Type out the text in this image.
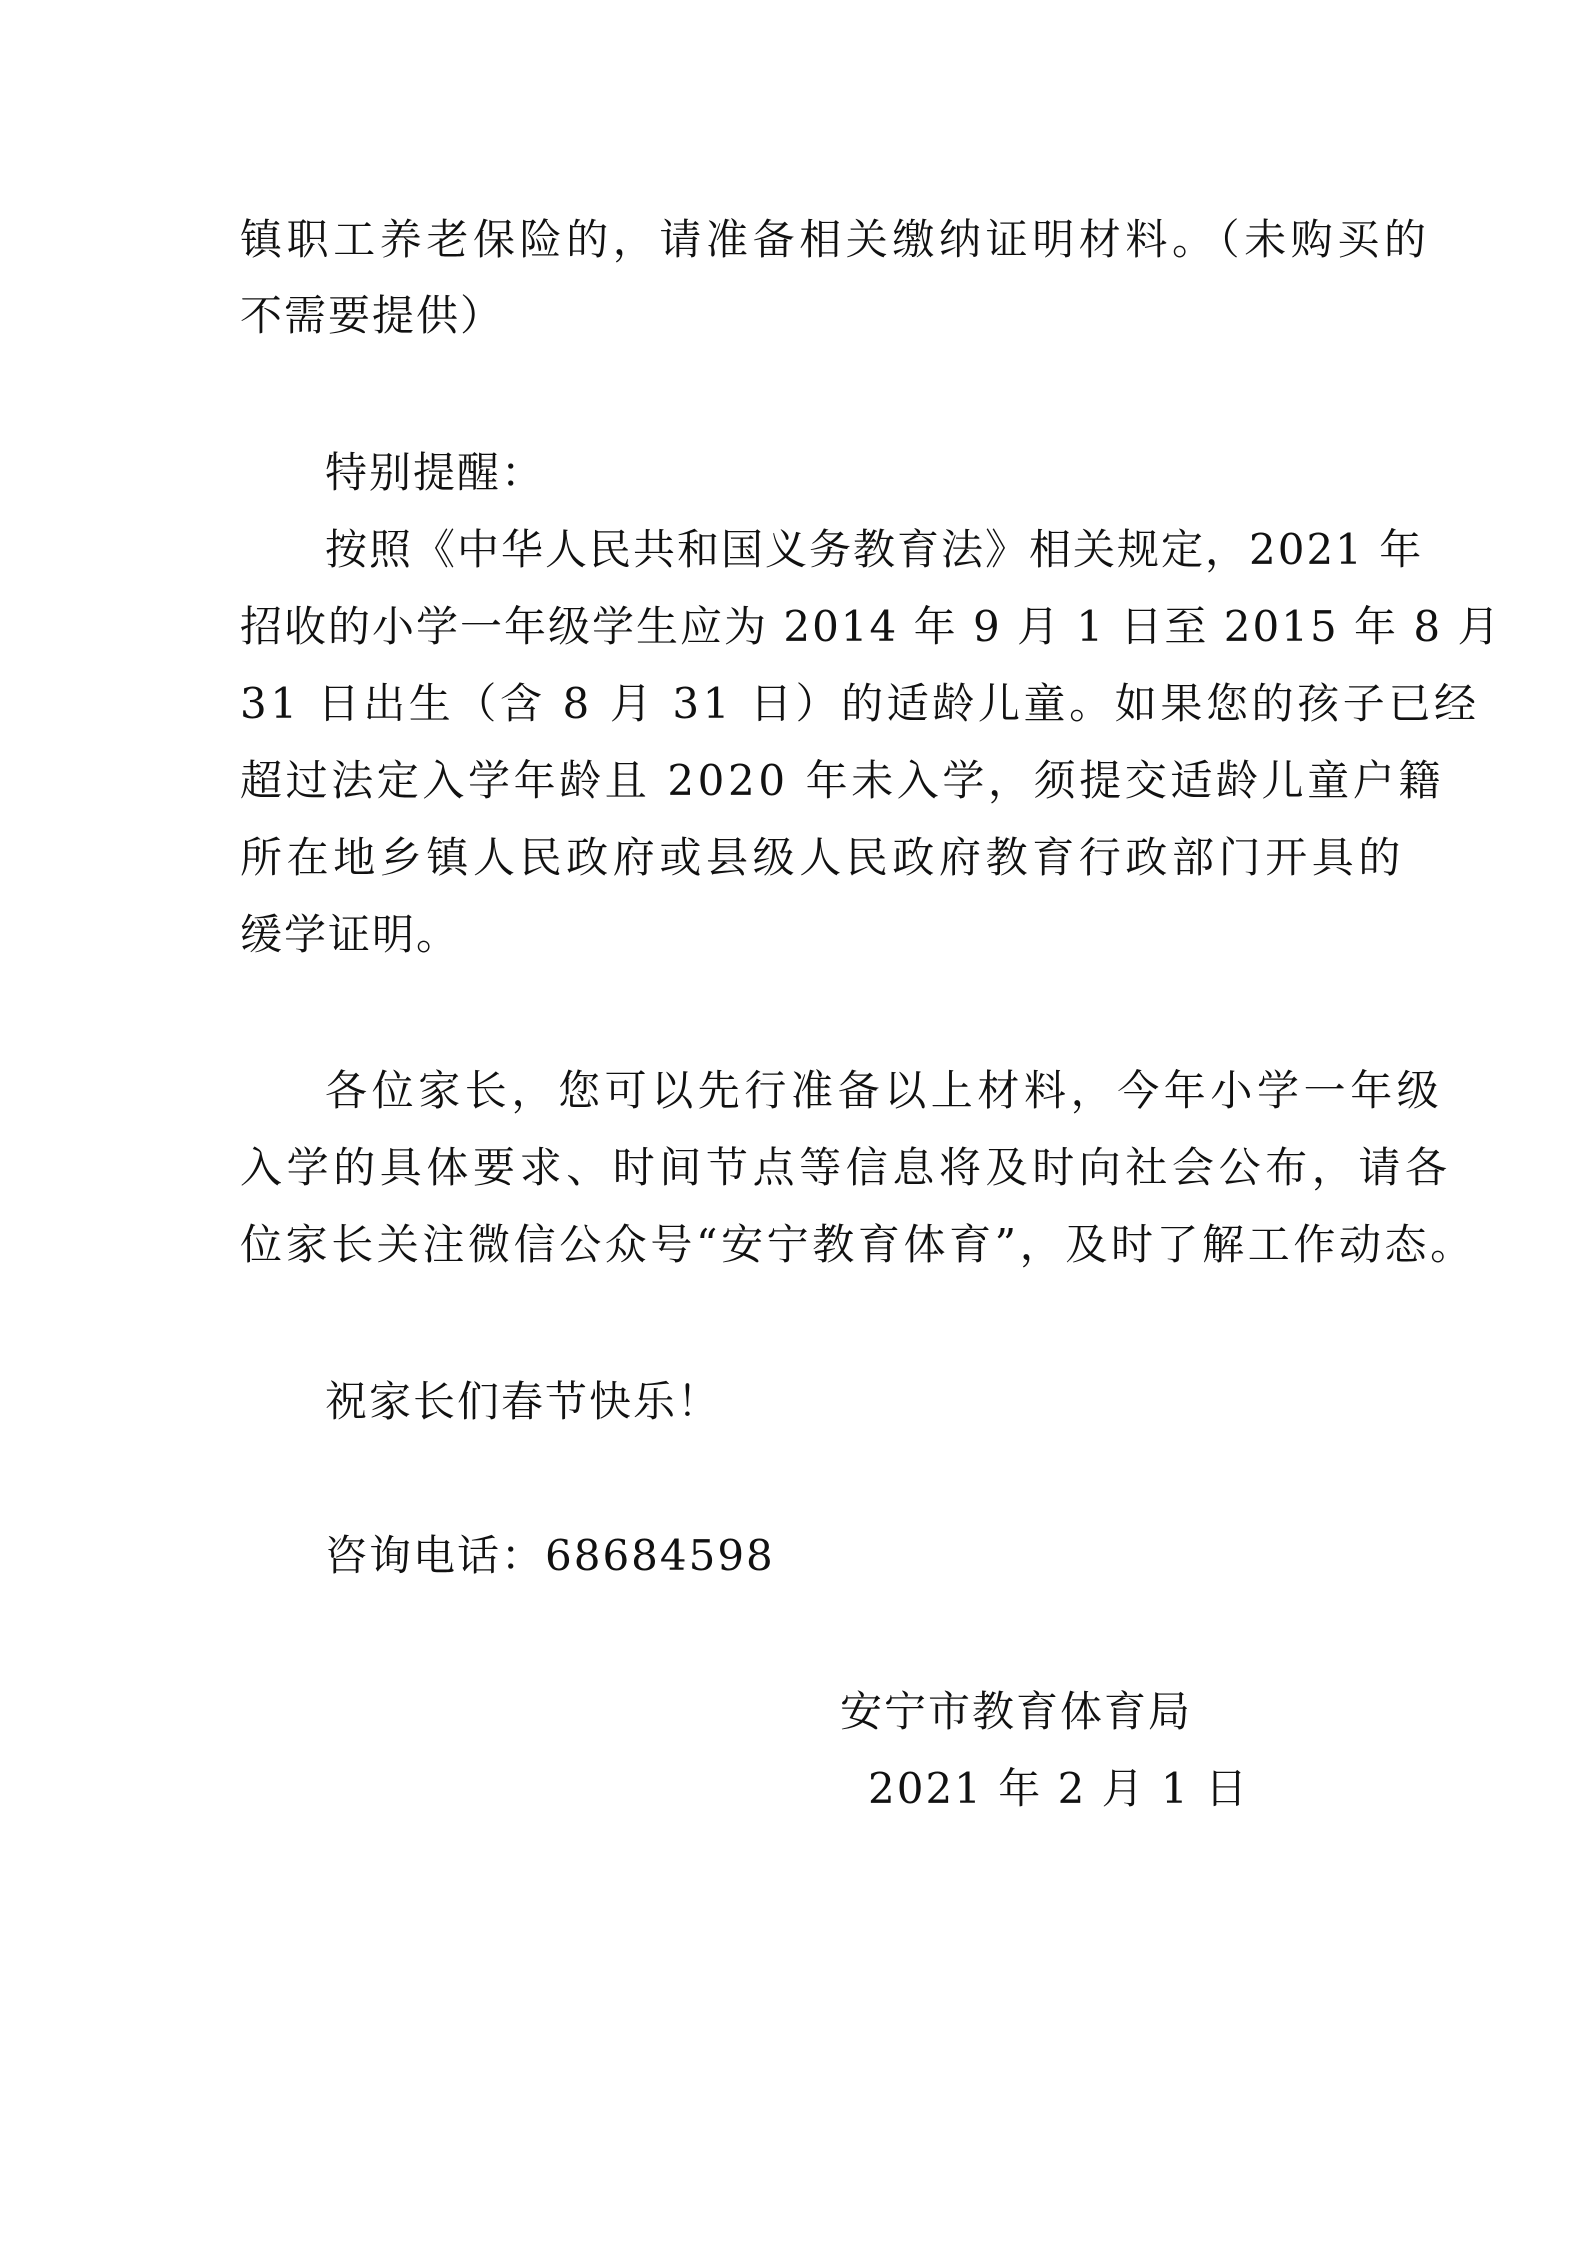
镇职工养老保险的，请准备相关缴纳证明材料。（未购买的
不需要提供）
特别提醒：
按照《中华人民共和国义务教育法》相关规定，2021 年
招收的小学一年级学生应为 2014 年 9 月 1 日至 2015 年 8 月
31 日出生（含 8 月 31 日）的适龄儿童。如果您的孩子已经
超过法定入学年龄且 2020 年未入学，须提交适龄儿童户籍
所在地乡镇人民政府或县级人民政府教育行政部门开具的
缓学证明。
各位家长，您可以先行准备以上材料，今年小学一年级
入学的具体要求、时间节点等信息将及时向社会公布，请各
位家长关注微信公众号“安宁教育体育”，及时了解工作动态。
祝家长们春节快乐！
咨询电话：68684598
安宁市教育体育局
2021 年 2 月 1 日
